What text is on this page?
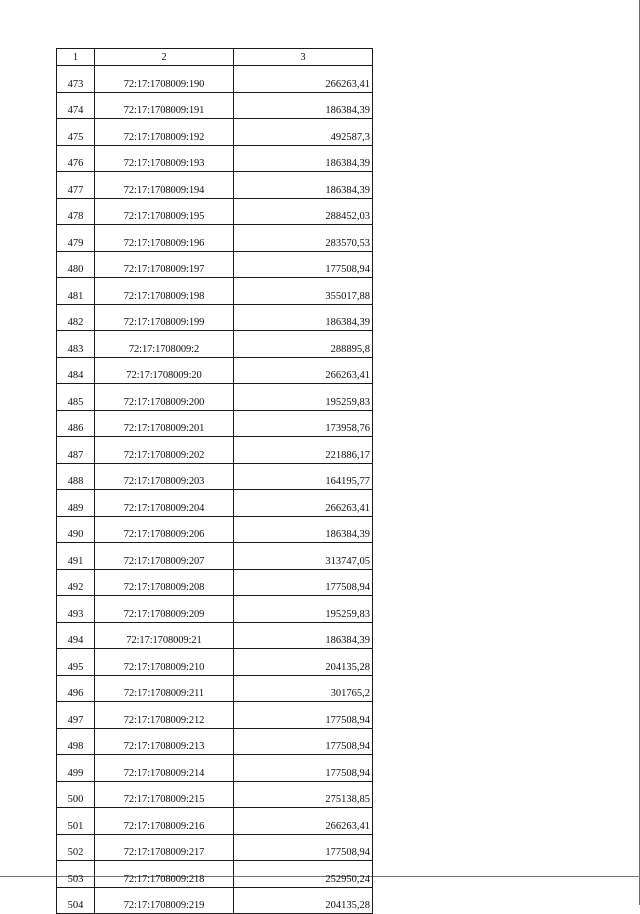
1	2	3
473	72:17:1708009:190	266263,41
474	72:17:1708009:191	186384,39
475	72:17:1708009:192	492587,3
476	72:17:1708009:193	186384,39
477	72:17:1708009:194	186384,39
478	72:17:1708009:195	288452,03
479	72:17:1708009:196	283570,53
480	72:17:1708009:197	177508,94
481	72:17:1708009:198	355017,88
482	72:17:1708009:199	186384,39
483	72:17:1708009:2	288895,8
484	72:17:1708009:20	266263,41
485	72:17:1708009:200	195259,83
486	72:17:1708009:201	173958,76
487	72:17:1708009:202	221886,17
488	72:17:1708009:203	164195,77
489	72:17:1708009:204	266263,41
490	72:17:1708009:206	186384,39
491	72:17:1708009:207	313747,05
492	72:17:1708009:208	177508,94
493	72:17:1708009:209	195259,83
494	72:17:1708009:21	186384,39
495	72:17:1708009:210	204135,28
496	72:17:1708009:211	301765,2
497	72:17:1708009:212	177508,94
498	72:17:1708009:213	177508,94
499	72:17:1708009:214	177508,94
500	72:17:1708009:215	275138,85
501	72:17:1708009:216	266263,41
502	72:17:1708009:217	177508,94
503	72:17:1708009:218	252950,24
504	72:17:1708009:219	204135,28
